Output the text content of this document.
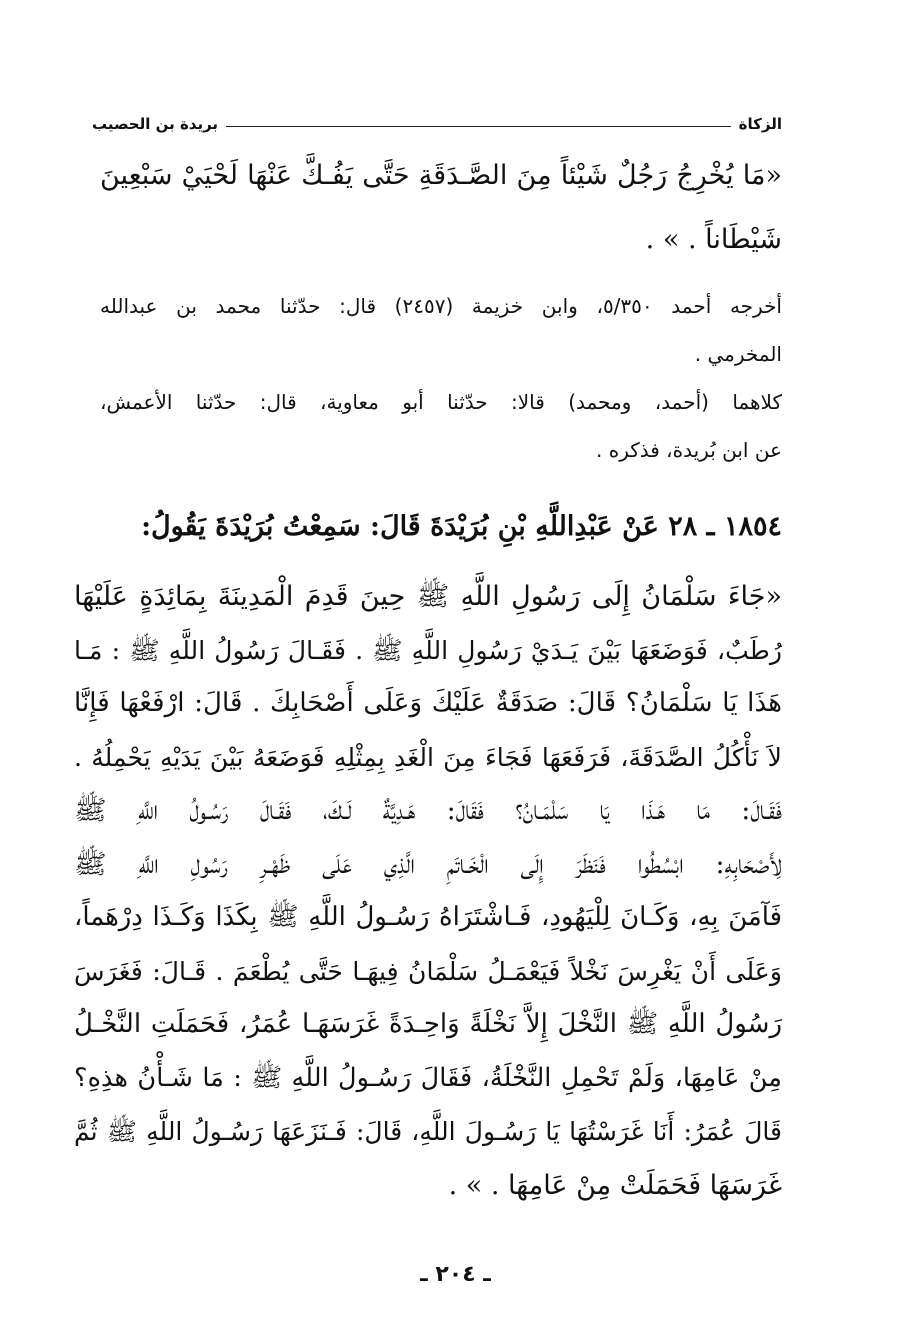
الزكاة
بريدة بن الحصيب
«مَا يُخْرِجُ رَجُلٌ شَيْئاً مِنَ الصَّـدَقَةِ حَتَّى يَفُـكَّ عَنْهَا لَحْيَيْ سَبْعِينَ
شَيْطَاناً . » .
أخرجه أحمد ٥/٣٥٠، وابن خزيمة (٢٤٥٧) قال: حدّثنا محمد بن عبدالله
المخرمي .
كلاهما (أحمد، ومحمد) قالا: حدّثنا أبو معاوية، قال: حدّثنا الأعمش،
عن ابن بُريدة، فذكره .
١٨٥٤ ـ ٢٨ عَنْ عَبْدِاللَّهِ بْنِ بُرَيْدَةَ قَالَ: سَمِعْتُ بُرَيْدَةَ يَقُولُ:
«جَاءَ سَلْمَانُ إِلَى رَسُولِ اللَّهِ ﷺ حِينَ قَدِمَ الْمَدِينَةَ بِمَائِدَةٍ عَلَيْهَا
رُطَبٌ، فَوَضَعَهَا بَيْنَ يَـدَيْ رَسُولِ اللَّهِ ﷺ . فَقَـالَ رَسُولُ اللَّهِ ﷺ : مَـا
هَذَا يَا سَلْمَانُ؟ قَالَ: صَدَقَةٌ عَلَيْكَ وَعَلَى أَصْحَابِكَ . قَالَ: ارْفَعْهَا فَإِنَّا
لاَ نَأْكُلُ الصَّدَقَةَ، فَرَفَعَهَا فَجَاءَ مِنَ الْغَدِ بِمِثْلِهِ فَوَضَعَهُ بَيْنَ يَدَيْهِ يَحْمِلُهُ .
فَقَـالَ: مَا هَـذَا يَا سَلْمَـانُ؟ فَقَالَ: هَـدِيَّةٌ لَـكَ، فَقَـالَ رَسُـولُ اللَّهِ ﷺ
لِأَصْحَابِهِ: ابْسُطُوا فَنَظَرَ إِلَى الْخَـاتَمِ الَّذِي عَلَى ظَهْـرِ رَسُولِ اللَّهِ ﷺ
فَآمَنَ بِهِ، وَكَـانَ لِلْيَهُودِ، فَـاشْتَرَاهُ رَسُـولُ اللَّهِ ﷺ بِكَذَا وَكَـذَا دِرْهَماً،
وَعَلَى أَنْ يَغْرِسَ نَخْلاً فَيَعْمَـلُ سَلْمَانُ فِيهَـا حَتَّى يُطْعَمَ . قَـالَ: فَغَرَسَ
رَسُولُ اللَّهِ ﷺ النَّخْلَ إِلاَّ نَخْلَةً وَاحِـدَةً غَرَسَهَـا عُمَرُ، فَحَمَلَتِ النَّخْـلُ
مِنْ عَامِهَا، وَلَمْ تَحْمِلِ النَّخْلَةُ، فَقَالَ رَسُـولُ اللَّهِ ﷺ : مَا شَـأْنُ هذِهِ؟
قَالَ عُمَرُ: أَنَا غَرَسْتُهَا يَا رَسُـولَ اللَّهِ، قَالَ: فَـنَزَعَهَا رَسُـولُ اللَّهِ ﷺ ثُمَّ
غَرَسَهَا فَحَمَلَتْ مِنْ عَامِهَا . » .
ـ ٢٠٤ ـ
